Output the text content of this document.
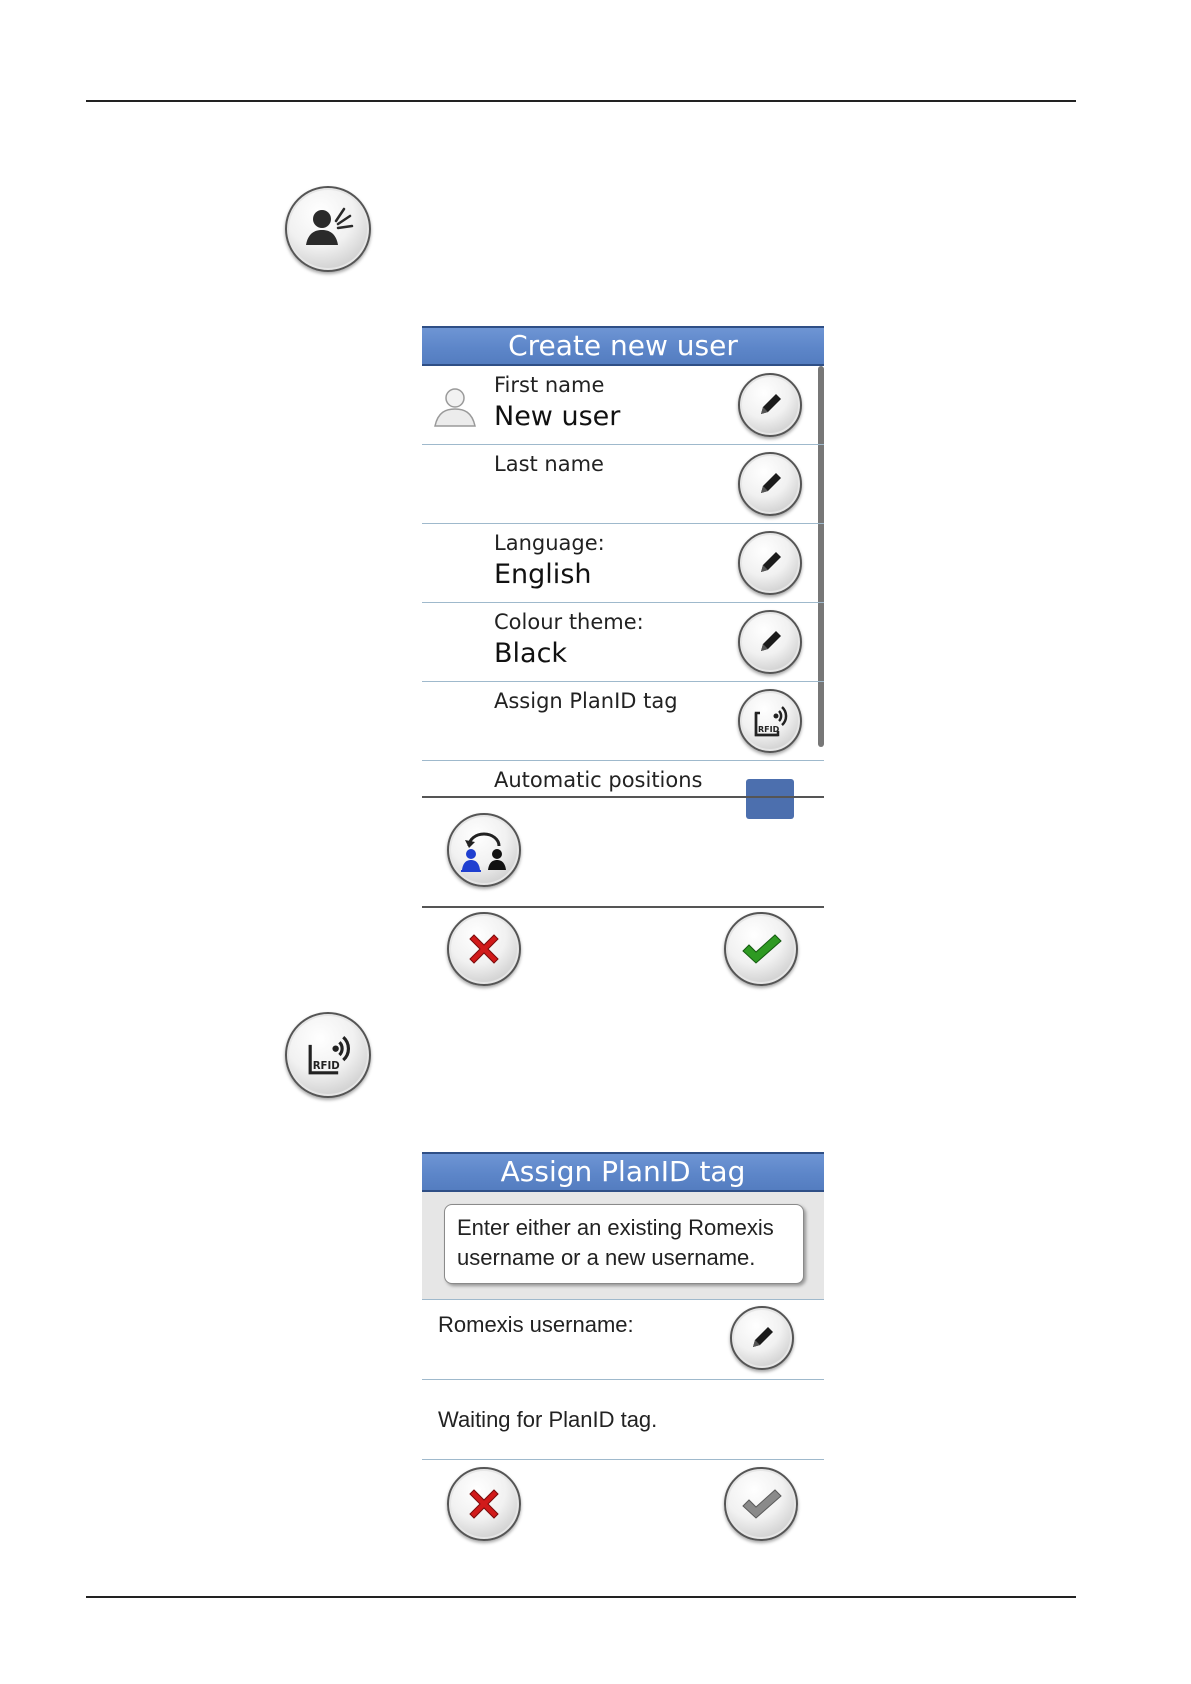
Create new user
First name
New user
Last name
Language:
English
Colour theme:
Black
Assign PlanID tag
RFID
Automatic positions
RFID
Assign PlanID tag
Enter either an existing Romexis username or a new username.
Romexis username:
Waiting for PlanID tag.
